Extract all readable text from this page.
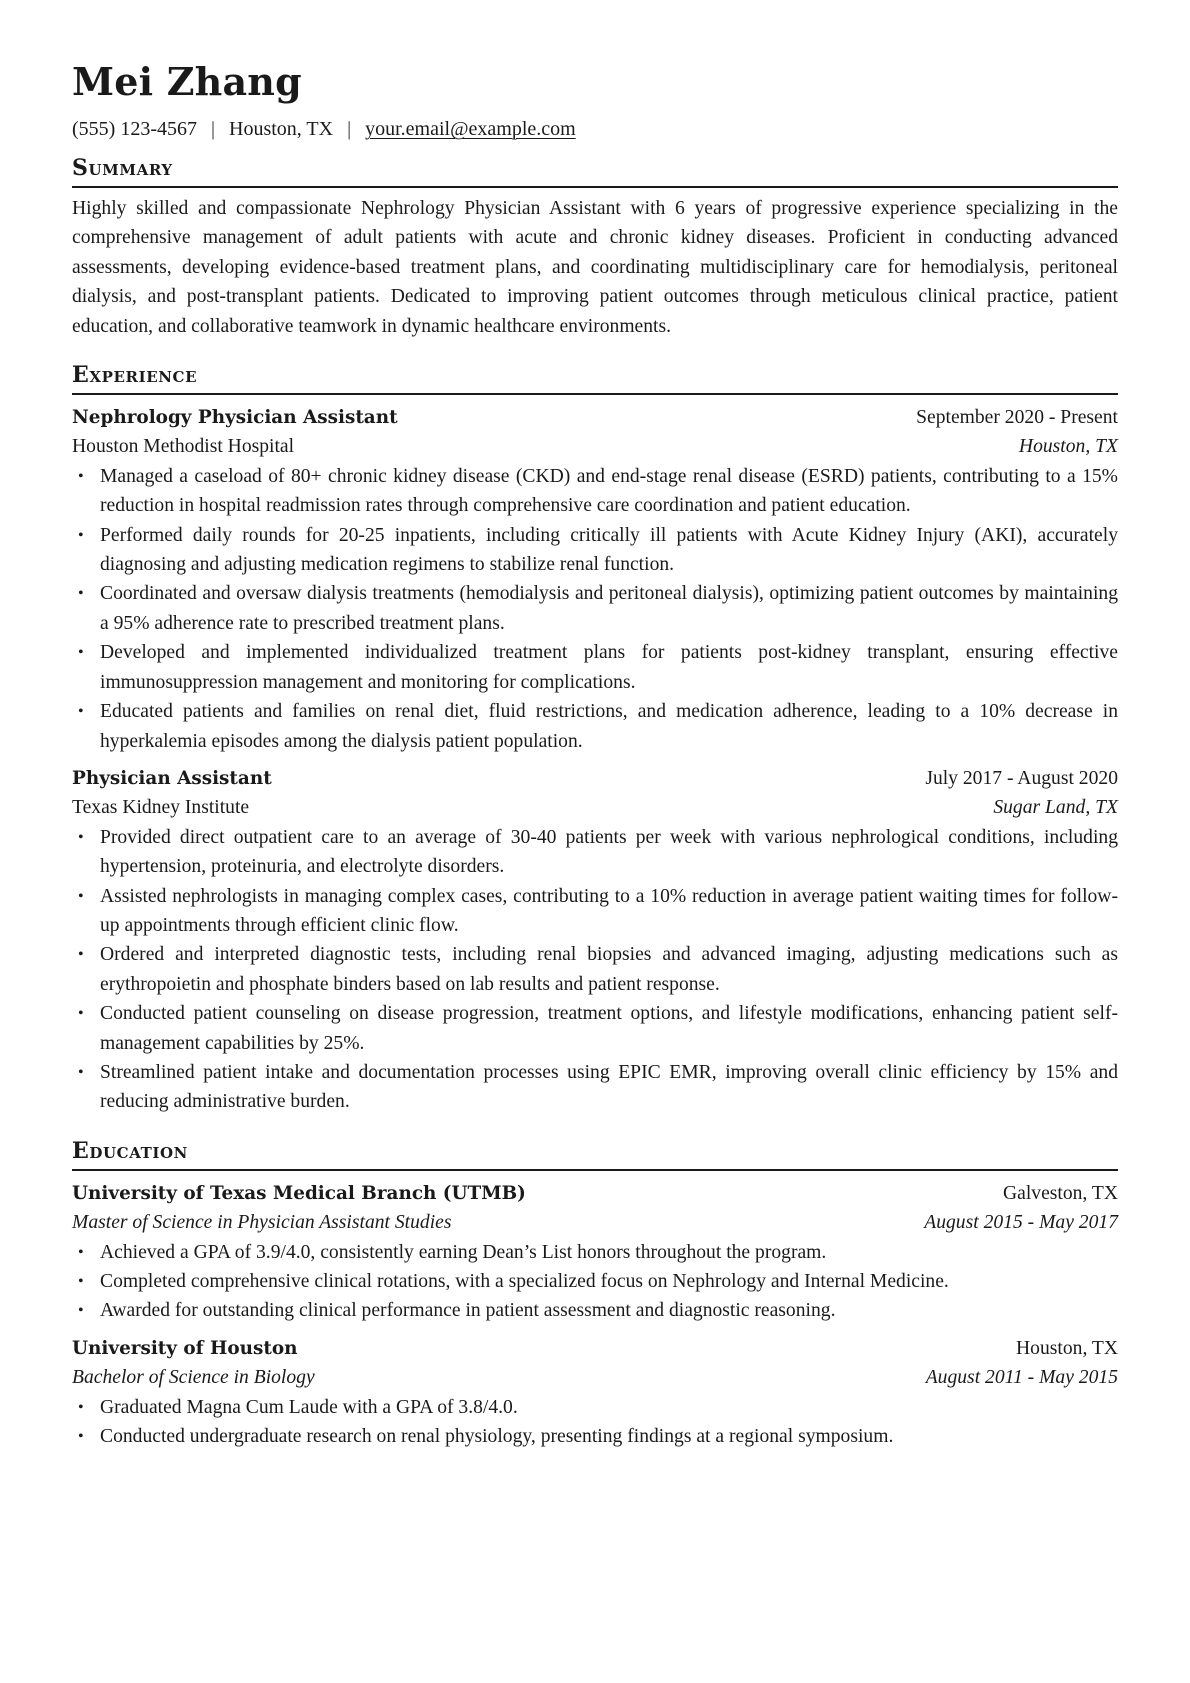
Mei Zhang
(555) 123-4567 | Houston, TX | your.email@example.com
Summary

Highly skilled and compassionate Nephrology Physician Assistant with 6 years of progressive experience specializing in the comprehensive management of adult patients with acute and chronic kidney diseases. Proficient in conducting advanced assessments, developing evidence-based treatment plans, and coordinating multidisciplinary care for hemodialysis, peritoneal dialysis, and post-transplant patients. Dedicated to improving patient outcomes through meticulous clinical practice, patient education, and collaborative teamwork in dynamic healthcare environments.

Experience
Nephrology Physician Assistant	September 2020 - Present
Houston Methodist Hospital	Houston, TX
• Managed a caseload of 80+ chronic kidney disease (CKD) and end-stage renal disease (ESRD) patients, contributing to a 15% reduction in hospital readmission rates through comprehensive care coordination and patient education.
• Performed daily rounds for 20-25 inpatients, including critically ill patients with Acute Kidney Injury (AKI), accurately diagnosing and adjusting medication regimens to stabilize renal function.
• Coordinated and oversaw dialysis treatments (hemodialysis and peritoneal dialysis), optimizing patient outcomes by maintaining a 95% adherence rate to prescribed treatment plans.
• Developed and implemented individualized treatment plans for patients post-kidney transplant, ensuring effective immunosuppression management and monitoring for complications.
• Educated patients and families on renal diet, fluid restrictions, and medication adherence, leading to a 10% decrease in hyperkalemia episodes among the dialysis patient population.
Physician Assistant	July 2017 - August 2020
Texas Kidney Institute	Sugar Land, TX
• Provided direct outpatient care to an average of 30-40 patients per week with various nephrological conditions, including hypertension, proteinuria, and electrolyte disorders.
• Assisted nephrologists in managing complex cases, contributing to a 10% reduction in average patient waiting times for follow-up appointments through efficient clinic flow.
• Ordered and interpreted diagnostic tests, including renal biopsies and advanced imaging, adjusting medications such as erythropoietin and phosphate binders based on lab results and patient response.
• Conducted patient counseling on disease progression, treatment options, and lifestyle modifications, enhancing patient self-management capabilities by 25%.
• Streamlined patient intake and documentation processes using EPIC EMR, improving overall clinic efficiency by 15% and reducing administrative burden.
Education
University of Texas Medical Branch (UTMB)	Galveston, TX
Master of Science in Physician Assistant Studies	August 2015 - May 2017
• Achieved a GPA of 3.9/4.0, consistently earning Dean’s List honors throughout the program.
• Completed comprehensive clinical rotations, with a specialized focus on Nephrology and Internal Medicine.
• Awarded for outstanding clinical performance in patient assessment and diagnostic reasoning.
University of Houston	Houston, TX
Bachelor of Science in Biology	August 2011 - May 2015
• Graduated Magna Cum Laude with a GPA of 3.8/4.0.
• Conducted undergraduate research on renal physiology, presenting findings at a regional symposium.
